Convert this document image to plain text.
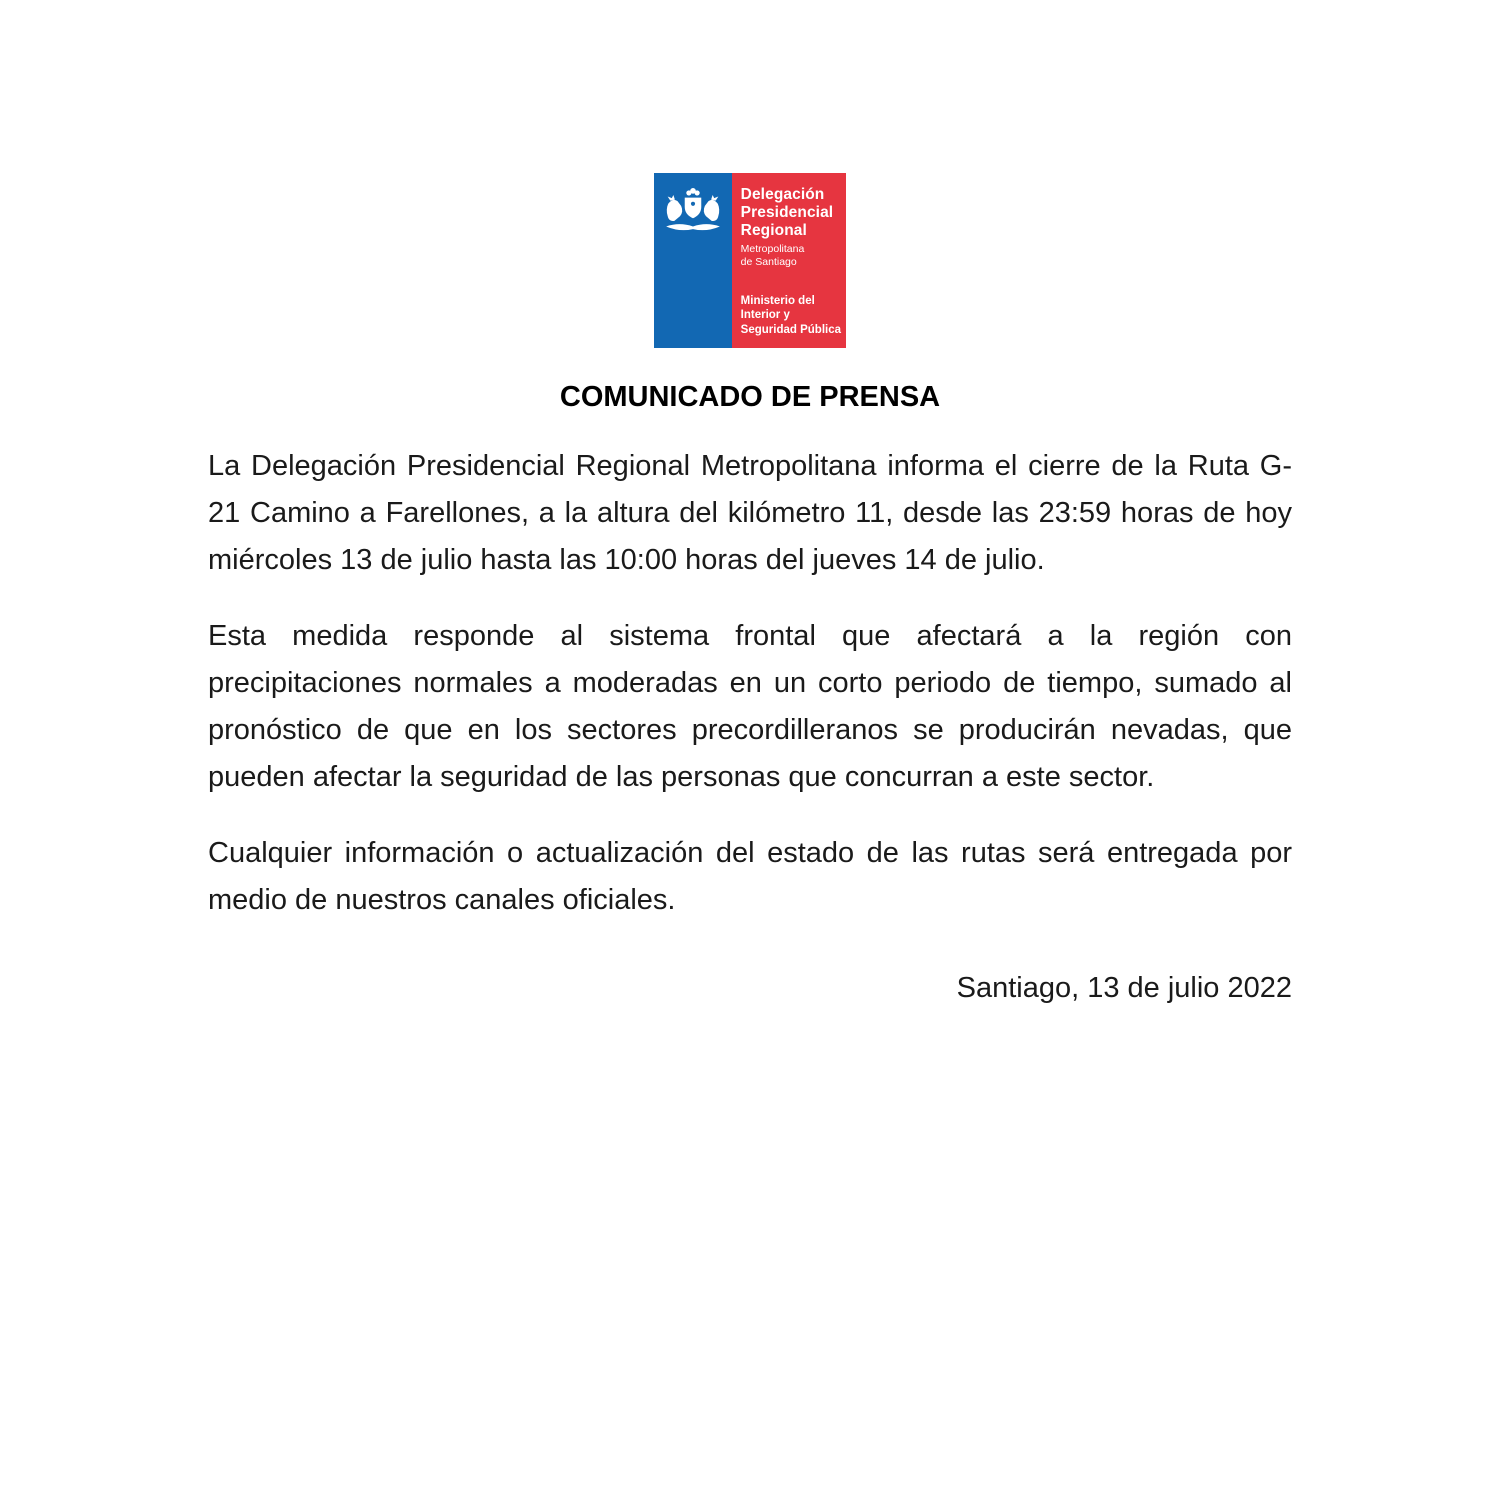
Delegación
Presidencial
Regional
Metropolitana
de Santiago
Ministerio del
Interior y
Seguridad Pública
COMUNICADO DE PRENSA

La Delegación Presidencial Regional Metropolitana informa el cierre de la Ruta G-21 Camino a Farellones, a la altura del kilómetro 11, desde las 23:59 horas de hoy miércoles 13 de julio hasta las 10:00 horas del jueves 14 de julio.

Esta medida responde al sistema frontal que afectará a la región con precipitaciones normales a moderadas en un corto periodo de tiempo, sumado al pronóstico de que en los sectores precordilleranos se producirán nevadas, que pueden afectar la seguridad de las personas que concurran a este sector.

Cualquier información o actualización del estado de las rutas será entregada por medio de nuestros canales oficiales.

Santiago, 13 de julio 2022
